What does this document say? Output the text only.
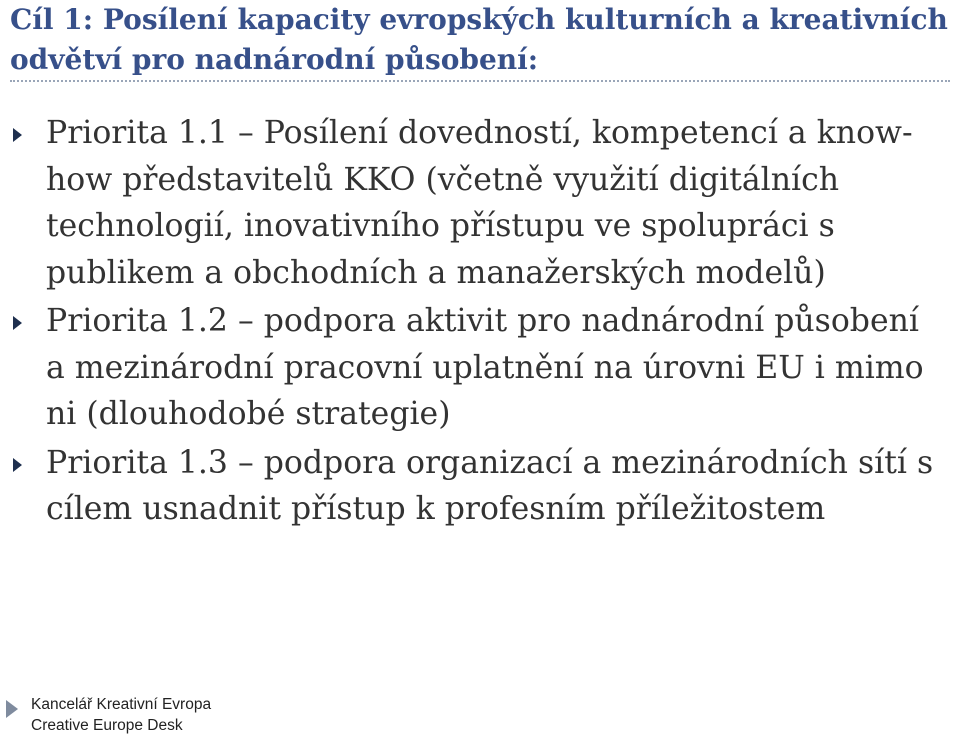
Cíl 1: Posílení kapacity evropských kulturních a kreativních odvětví pro nadnárodní působení:
Priorita 1.1 – Posílení dovedností, kompetencí a know-how představitelů KKO (včetně využití digitálních technologií, inovativního přístupu ve spolupráci s publikem a obchodních a manažerských modelů)
Priorita 1.2 – podpora aktivit pro nadnárodní působení a mezinárodní pracovní uplatnění na úrovni EU i mimo ni (dlouhodobé strategie)
Priorita 1.3 – podpora organizací a mezinárodních sítí s cílem usnadnit přístup k profesním příležitostem
Kancelář Kreativní Evropa
Creative Europe Desk
